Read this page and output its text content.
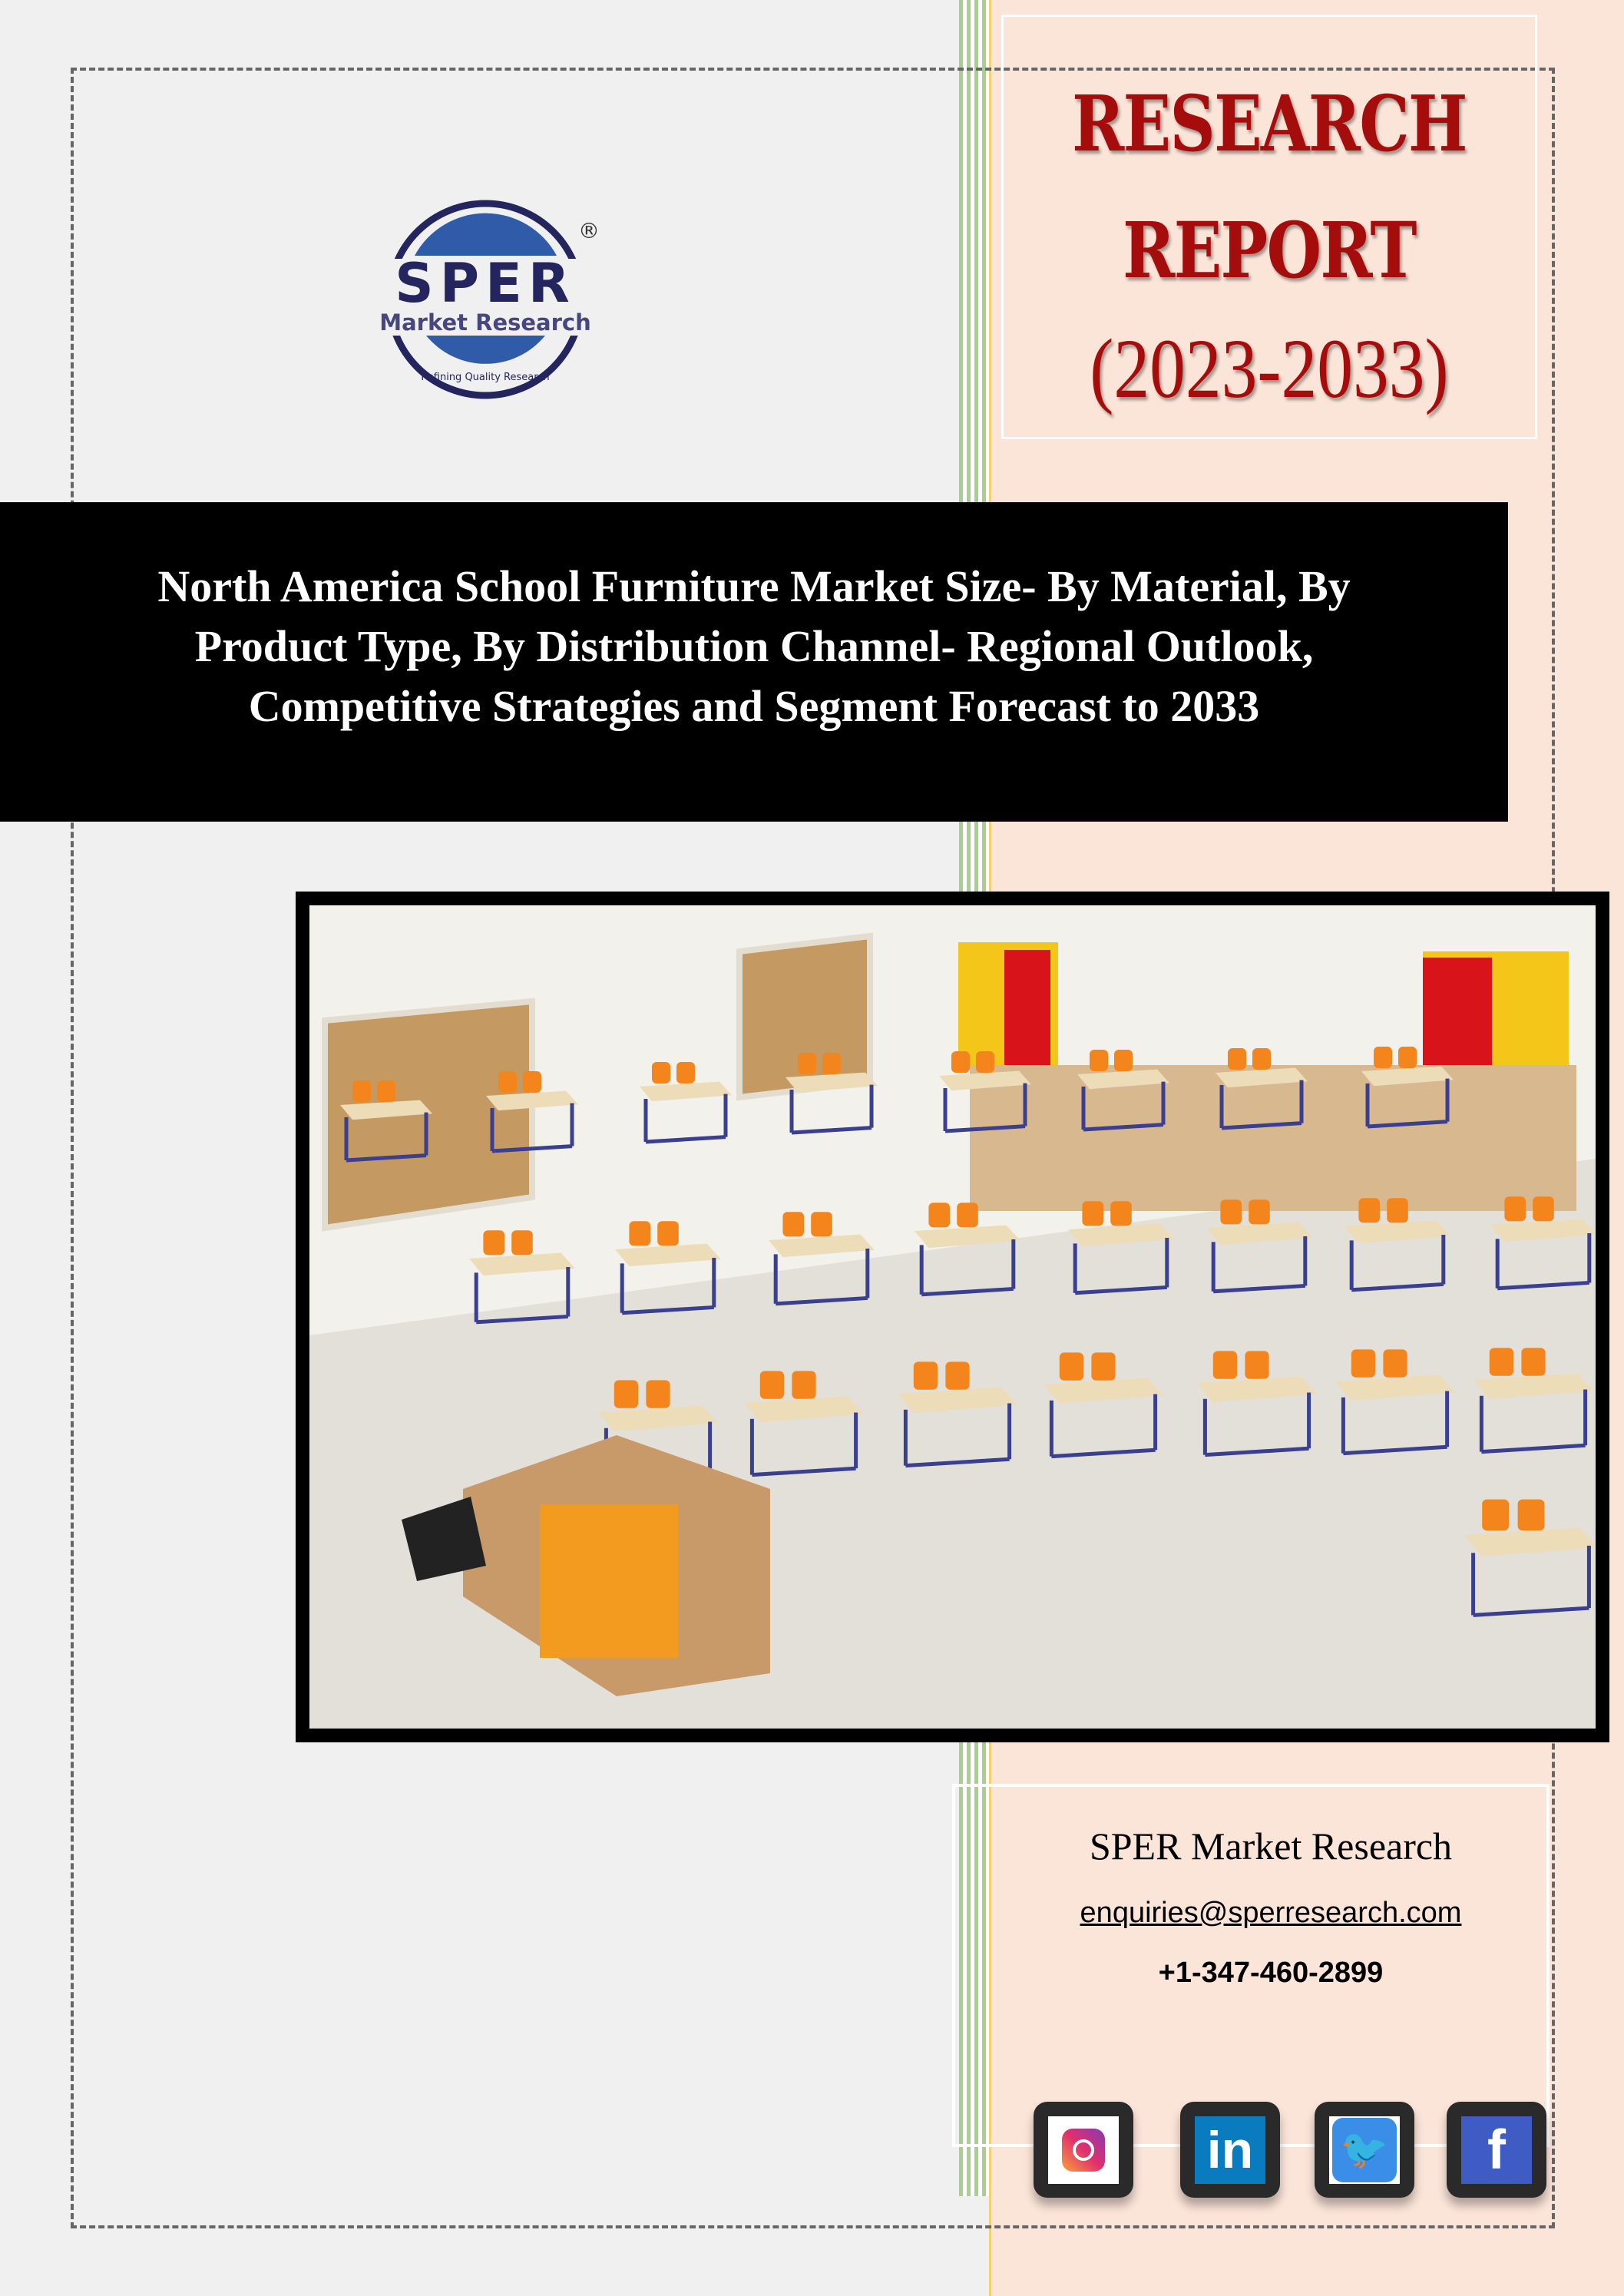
RESEARCH
REPORT
(2023-2033)
SPER
Market Research
®
Refining Quality Research
North America School Furniture Market Size- By Material, By
Product Type, By Distribution Channel- Regional Outlook,
Competitive Strategies and Segment Forecast to 2033
SPER Market Research
enquiries@sperresearch.com
+1-347-460-2899
in	🐦	f
